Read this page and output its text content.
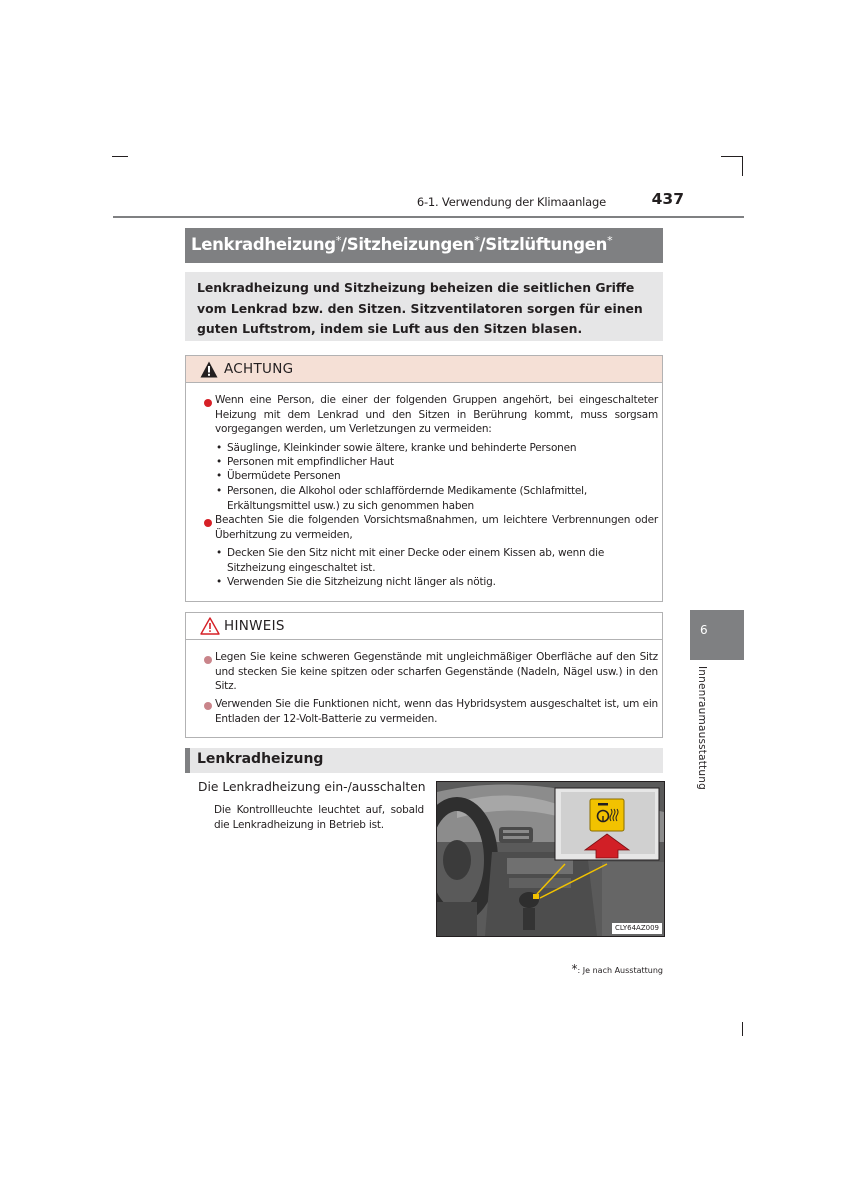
6-1. Verwendung der Klimaanlage	437
Lenkradheizung*/Sitzheizungen*/Sitzlüftungen*
Lenkradheizung und Sitzheizung beheizen die seitlichen Griffe vom Lenkrad bzw. den Sitzen. Sitzventilatoren sorgen für einen guten Luftstrom, indem sie Luft aus den Sitzen blasen.
ACHTUNG
Wenn eine Person, die einer der folgenden Gruppen angehört, bei eingeschalteter Heizung mit dem Lenkrad und den Sitzen in Berührung kommt, muss sorgsam vorgegangen werden, um Verletzungen zu vermeiden:
• Säuglinge, Kleinkinder sowie ältere, kranke und behinderte Personen
• Personen mit empfindlicher Haut
• Übermüdete Personen
• Personen, die Alkohol oder schlaffördernde Medikamente (Schlafmittel, Erkältungsmittel usw.) zu sich genommen haben
Beachten Sie die folgenden Vorsichtsmaßnahmen, um leichtere Verbrennungen oder Überhitzung zu vermeiden,
• Decken Sie den Sitz nicht mit einer Decke oder einem Kissen ab, wenn die Sitzheizung eingeschaltet ist.
• Verwenden Sie die Sitzheizung nicht länger als nötig.
HINWEIS
Legen Sie keine schweren Gegenstände mit ungleichmäßiger Oberfläche auf den Sitz und stecken Sie keine spitzen oder scharfen Gegenstände (Nadeln, Nägel usw.) in den Sitz.
Verwenden Sie die Funktionen nicht, wenn das Hybridsystem ausgeschaltet ist, um ein Entladen der 12-Volt-Batterie zu vermeiden.
Lenkradheizung
Die Lenkradheizung ein-/ausschalten
Die Kontrollleuchte leuchtet auf, sobald die Lenkradheizung in Betrieb ist.
CLY64AZ009
*: Je nach Ausstattung
6
Innenraumausstattung
